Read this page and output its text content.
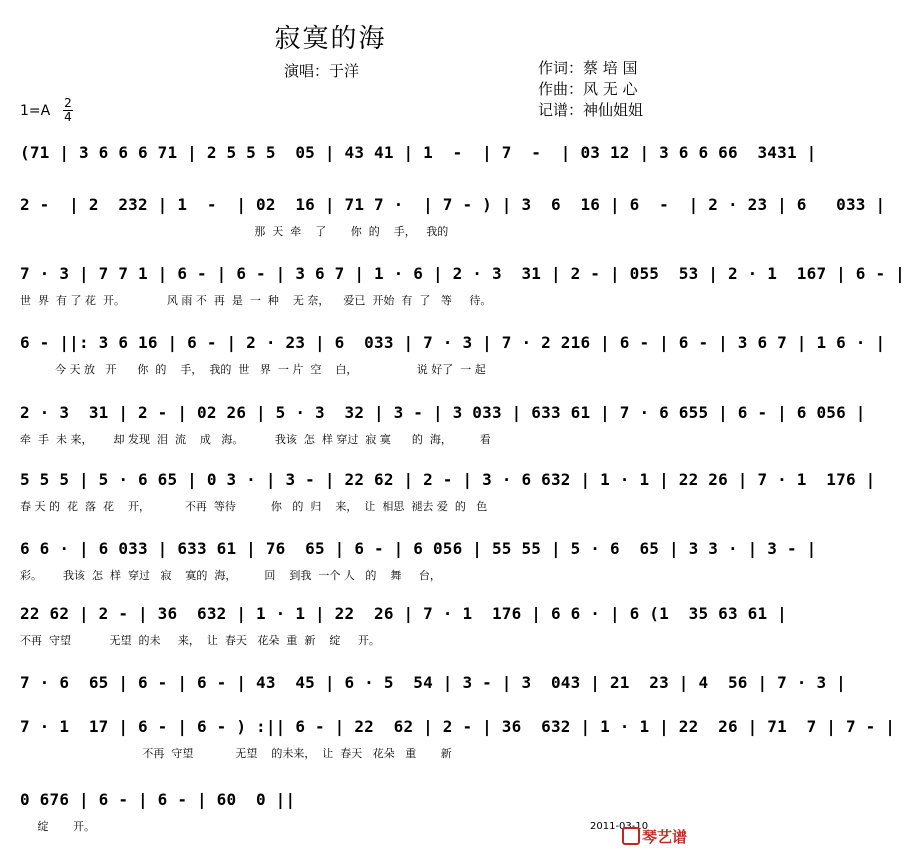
寂寞的海
演唱：于洋	作词：蔡 培 国
作曲：风 无 心
记谱：神仙姐姐
1=A 2
4
(71 | 3 6 6 6 71 | 2 5 5 5  05 | 43 41 | 1  -  | 7  -  | 03 12 | 3 6 6 66  3431 |
2 -  | 2  232 | 1  -  | 02  16 | 71 7 ·  | 7 - ) | 3  6  16 | 6  -  | 2 · 23 | 6   033 |
那  天  牵    了       你  的    手，   我的
7 · 3 | 7 7 1 | 6 - | 6 - | 3 6 7 | 1 · 6 | 2 · 3  31 | 2 - | 055  53 | 2 · 1  167 | 6 - |
世  界  有 了 花  开。            风 雨 不  再  是  一  种    无 奈，    爱已  开始  有  了   等     待。
6 - ||: 3 6 16 | 6 - | 2 · 23 | 6  033 | 7 · 3 | 7 · 2 216 | 6 - | 6 - | 3 6 7 | 1 6 · |
今 天 放   开      你  的    手，  我的  世   界  一 片  空    白，                 说 好了  一 起
2 · 3  31 | 2 - | 02 26 | 5 · 3  32 | 3 - | 3 033 | 633 61 | 7 · 6 655 | 6 - | 6 056 |
牵  手  未 来，      却 发现  泪  流    成   海。         我该  怎  样 穿过  寂 寞      的  海，        看
5 5 5 | 5 · 6 65 | 0 3 · | 3 - | 22 62 | 2 - | 3 · 6 632 | 1 · 1 | 22 26 | 7 · 1  176 |
春 天 的  花  落  花    开，          不再  等待          你   的  归    来，  让  相思  褪去 爱  的   色
6 6 · | 6 033 | 633 61 | 76  65 | 6 - | 6 056 | 55 55 | 5 · 6  65 | 3 3 · | 3 - |
彩。      我该  怎  样  穿过   寂    寞的  海，        回    到我  一个 人   的    舞     台，
22 62 | 2 - | 36  632 | 1 · 1 | 22  26 | 7 · 1  176 | 6 6 · | 6 (1  35 63 61 |
不再  守望           无望  的未     来，  让  春天   花朵  重  新    绽     开。
7 · 6  65 | 6 - | 6 - | 43  45 | 6 · 5  54 | 3 - | 3  043 | 21  23 | 4  56 | 7 · 3 |
7 · 1  17 | 6 - | 6 - ) :|| 6 - | 22  62 | 2 - | 36  632 | 1 · 1 | 22  26 | 71  7 | 7 - |
不再  守望            无望    的未来，  让  春天   花朵   重       新
0 676 | 6 - | 6 - | 60  0 ||
绽       开。	2011-03-10
琴艺谱
